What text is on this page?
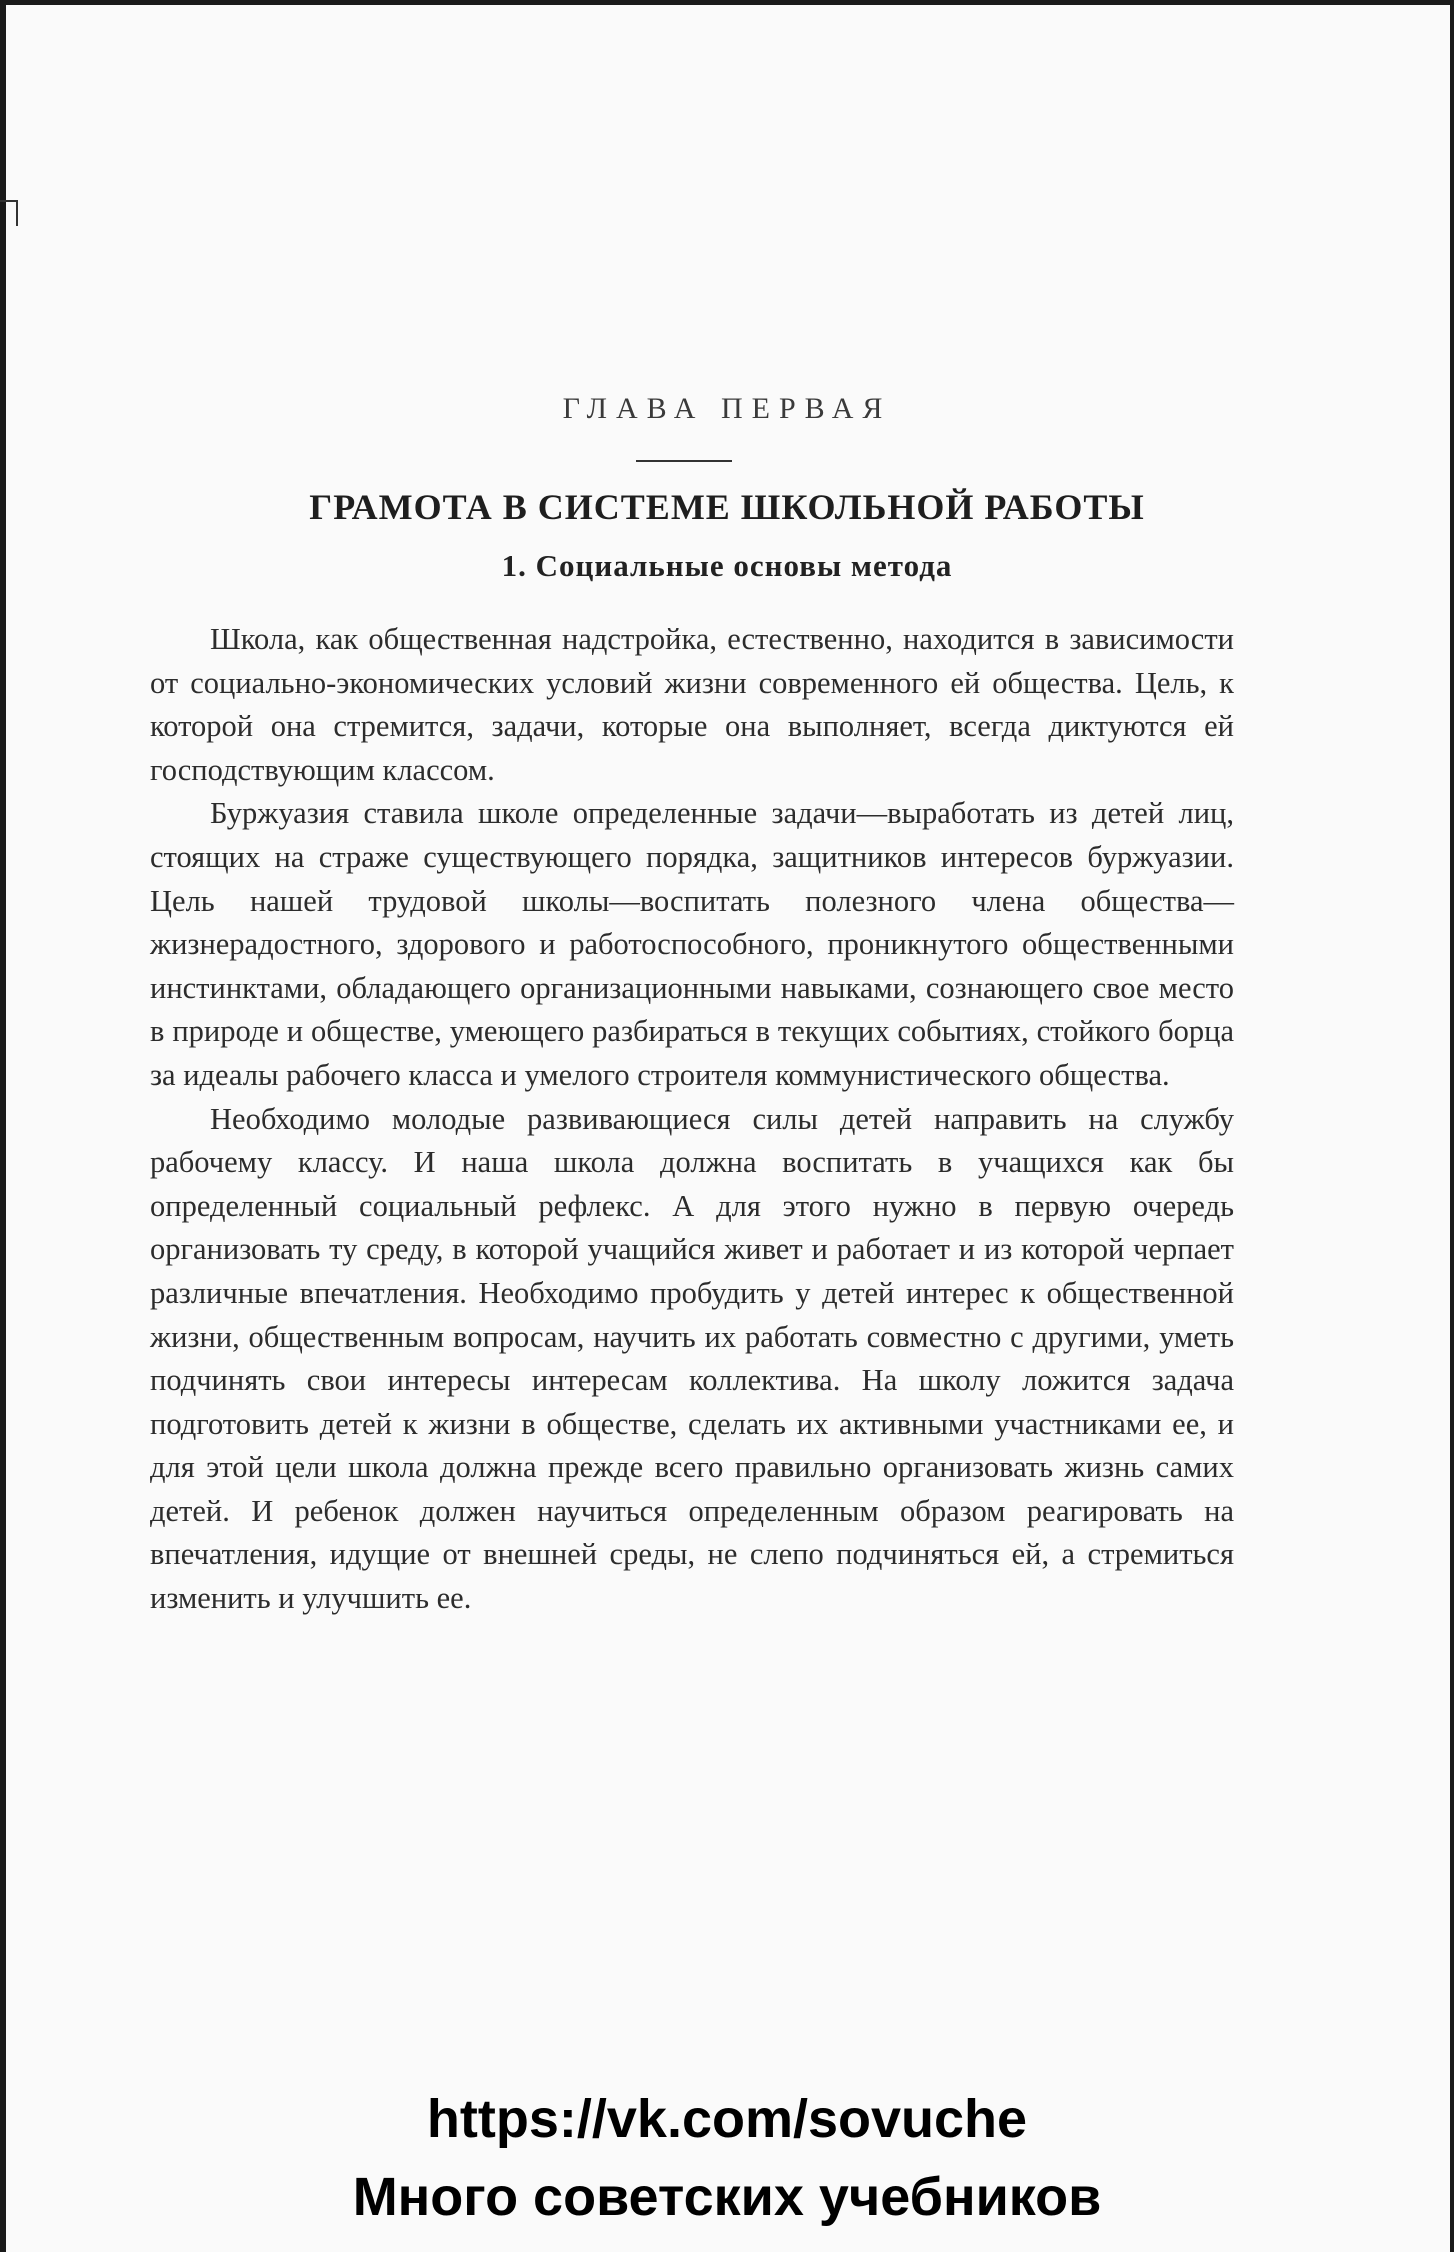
ГЛАВА ПЕРВАЯ
ГРАМОТА В СИСТЕМЕ ШКОЛЬНОЙ РАБОТЫ
1. Социальные основы метода

Школа, как общественная надстройка, естественно, находится в зависимости от социально-экономических условий жизни современного ей общества. Цель, к которой она стремится, задачи, которые она выполняет, всегда диктуются ей господствующим классом.

Буржуазия ставила школе определенные задачи—выработать из детей лиц, стоящих на страже существующего порядка, защитников интересов буржуазии. Цель нашей трудовой школы—воспитать полезного члена общества—жизнерадостного, здорового и работоспособного, проникнутого общественными инстинктами, обладающего организационными навыками, сознающего свое место в природе и обществе, умеющего разбираться в текущих событиях, стойкого борца за идеалы рабочего класса и умелого строителя коммунистического общества.

Необходимо молодые развивающиеся силы детей направить на службу рабочему классу. И наша школа должна воспитать в учащихся как бы определенный социальный рефлекс. А для этого нужно в первую очередь организовать ту среду, в которой учащийся живет и работает и из которой черпает различные впечатления. Необходимо пробудить у детей интерес к общественной жизни, общественным вопросам, научить их работать совместно с другими, уметь подчинять свои интересы интересам коллектива. На школу ложится задача подготовить детей к жизни в обществе, сделать их активными участниками ее, и для этой цели школа должна прежде всего правильно организовать жизнь самих детей. И ребенок должен научиться определенным образом реагировать на впечатления, идущие от внешней среды, не слепо подчиняться ей, а стремиться изменить и улучшить ее.

https://vk.com/sovuche
Много советских учебников
